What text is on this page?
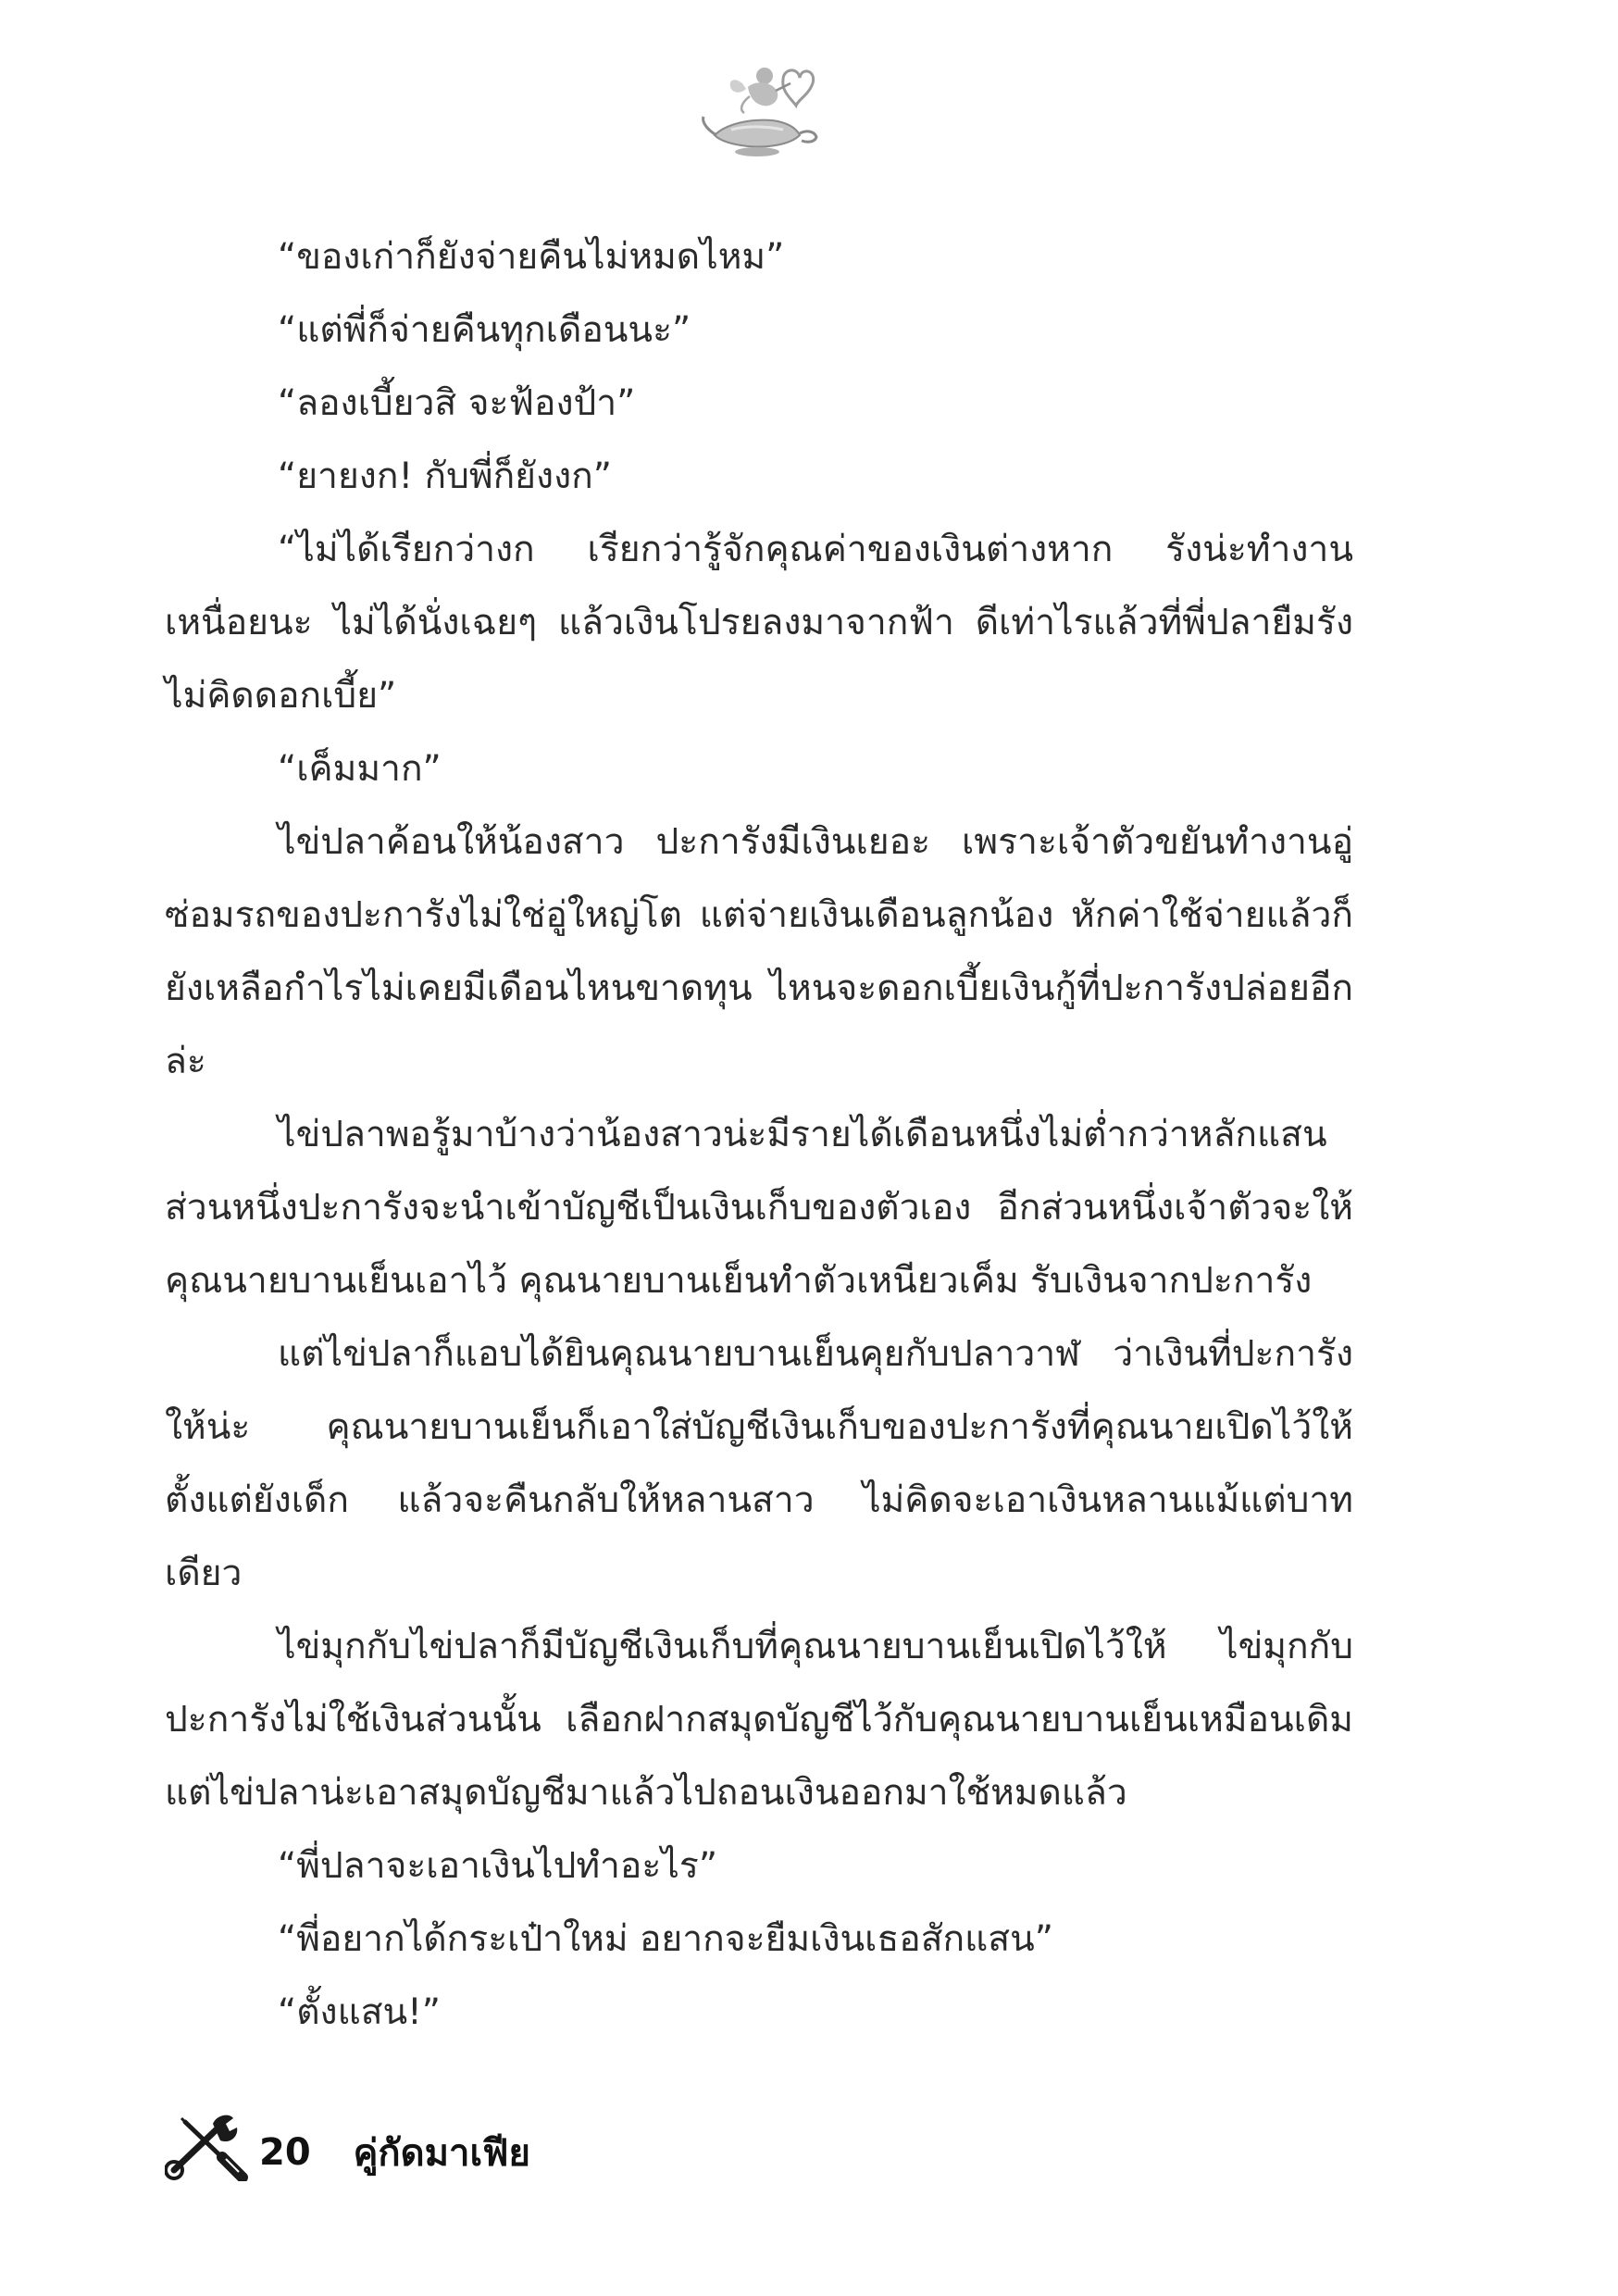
“ของเก่าก็ยังจ่ายคืนไม่หมดไหม”

“แต่พี่ก็จ่ายคืนทุกเดือนนะ”

“ลองเบี้ยวสิ จะฟ้องป้า”

“ยายงก! กับพี่ก็ยังงก”

“ไม่ได้เรียกว่างก เรียกว่ารู้จักคุณค่าของเงินต่างหาก รังน่ะทำงานเหนื่อยนะ ไม่ได้นั่งเฉยๆ แล้วเงินโปรยลงมาจากฟ้า ดีเท่าไรแล้วที่พี่ปลายืมรังไม่คิดดอกเบี้ย”

“เค็มมาก”

ไข่ปลาค้อนให้น้องสาว ปะการังมีเงินเยอะ เพราะเจ้าตัวขยันทำงานอู่ซ่อมรถของปะการังไม่ใช่อู่ใหญ่โต แต่จ่ายเงินเดือนลูกน้อง หักค่าใช้จ่ายแล้วก็ยังเหลือกำไรไม่เคยมีเดือนไหนขาดทุน ไหนจะดอกเบี้ยเงินกู้ที่ปะการังปล่อยอีกล่ะ

ไข่ปลาพอรู้มาบ้างว่าน้องสาวน่ะมีรายได้เดือนหนึ่งไม่ต่ำกว่าหลักแสน ส่วนหนึ่งปะการังจะนำเข้าบัญชีเป็นเงินเก็บของตัวเอง อีกส่วนหนึ่งเจ้าตัวจะให้คุณนายบานเย็นเอาไว้ คุณนายบานเย็นทำตัวเหนียวเค็ม รับเงินจากปะการัง

แต่ไข่ปลาก็แอบได้ยินคุณนายบานเย็นคุยกับปลาวาฬ ว่าเงินที่ปะการังให้น่ะ คุณนายบานเย็นก็เอาใส่บัญชีเงินเก็บของปะการังที่คุณนายเปิดไว้ให้ตั้งแต่ยังเด็ก แล้วจะคืนกลับให้หลานสาว ไม่คิดจะเอาเงินหลานแม้แต่บาทเดียว

ไข่มุกกับไข่ปลาก็มีบัญชีเงินเก็บที่คุณนายบานเย็นเปิดไว้ให้ ไข่มุกกับปะการังไม่ใช้เงินส่วนนั้น เลือกฝากสมุดบัญชีไว้กับคุณนายบานเย็นเหมือนเดิม แต่ไข่ปลาน่ะเอาสมุดบัญชีมาแล้วไปถอนเงินออกมาใช้หมดแล้ว

“พี่ปลาจะเอาเงินไปทำอะไร”

“พี่อยากได้กระเป๋าใหม่ อยากจะยืมเงินเธอสักแสน”

“ตั้งแสน!”

20 คู่กัดมาเฟีย
